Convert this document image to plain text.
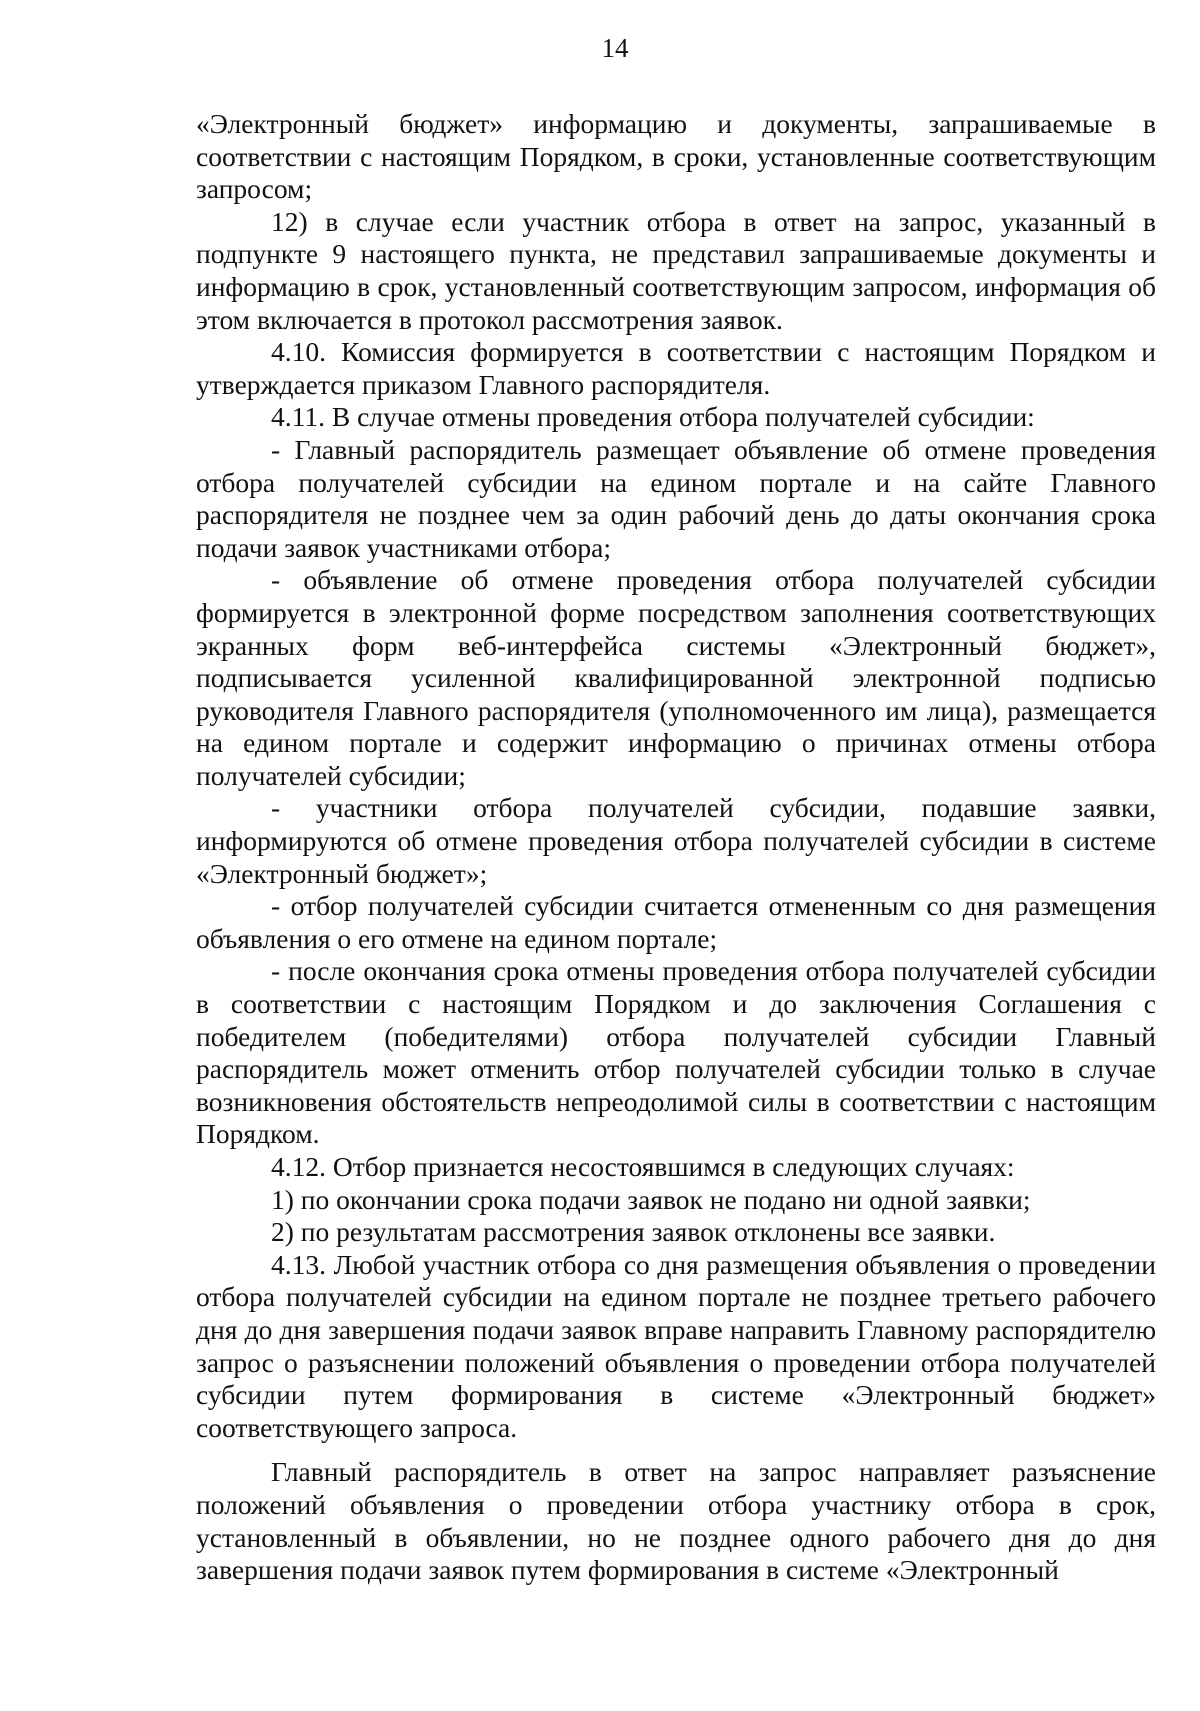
14

«Электронный бюджет» информацию и документы, запрашиваемые в соответствии с настоящим Порядком, в сроки, установленные соответствующим запросом;

12) в случае если участник отбора в ответ на запрос, указанный в подпункте 9 настоящего пункта, не представил запрашиваемые документы и информацию в срок, установленный соответствующим запросом, информация об этом включается в протокол рассмотрения заявок.

4.10. Комиссия формируется в соответствии с настоящим Порядком и утверждается приказом Главного распорядителя.

4.11. В случае отмены проведения отбора получателей субсидии:

- Главный распорядитель размещает объявление об отмене проведения отбора получателей субсидии на едином портале и на сайте Главного распорядителя не позднее чем за один рабочий день до даты окончания срока подачи заявок участниками отбора;

- объявление об отмене проведения отбора получателей субсидии формируется в электронной форме посредством заполнения соответствующих экранных форм веб-интерфейса системы «Электронный бюджет», подписывается усиленной квалифицированной электронной подписью руководителя Главного распорядителя (уполномоченного им лица), размещается на едином портале и содержит информацию о причинах отмены отбора получателей субсидии;

- участники отбора получателей субсидии, подавшие заявки, информируются об отмене проведения отбора получателей субсидии в системе «Электронный бюджет»;

- отбор получателей субсидии считается отмененным со дня размещения объявления о его отмене на едином портале;

- после окончания срока отмены проведения отбора получателей субсидии в соответствии с настоящим Порядком и до заключения Соглашения с победителем (победителями) отбора получателей субсидии Главный распорядитель может отменить отбор получателей субсидии только в случае возникновения обстоятельств непреодолимой силы в соответствии с настоящим Порядком.

4.12. Отбор признается несостоявшимся в следующих случаях:

1) по окончании срока подачи заявок не подано ни одной заявки;

2) по результатам рассмотрения заявок отклонены все заявки.

4.13. Любой участник отбора со дня размещения объявления о проведении отбора получателей субсидии на едином портале не позднее третьего рабочего дня до дня завершения подачи заявок вправе направить Главному распорядителю запрос о разъяснении положений объявления о проведении отбора получателей субсидии путем формирования в системе «Электронный бюджет» соответствующего запроса.

Главный распорядитель в ответ на запрос направляет разъяснение положений объявления о проведении отбора участнику отбора в срок, установленный в объявлении, но не позднее одного рабочего дня до дня завершения подачи заявок путем формирования в системе «Электронный
